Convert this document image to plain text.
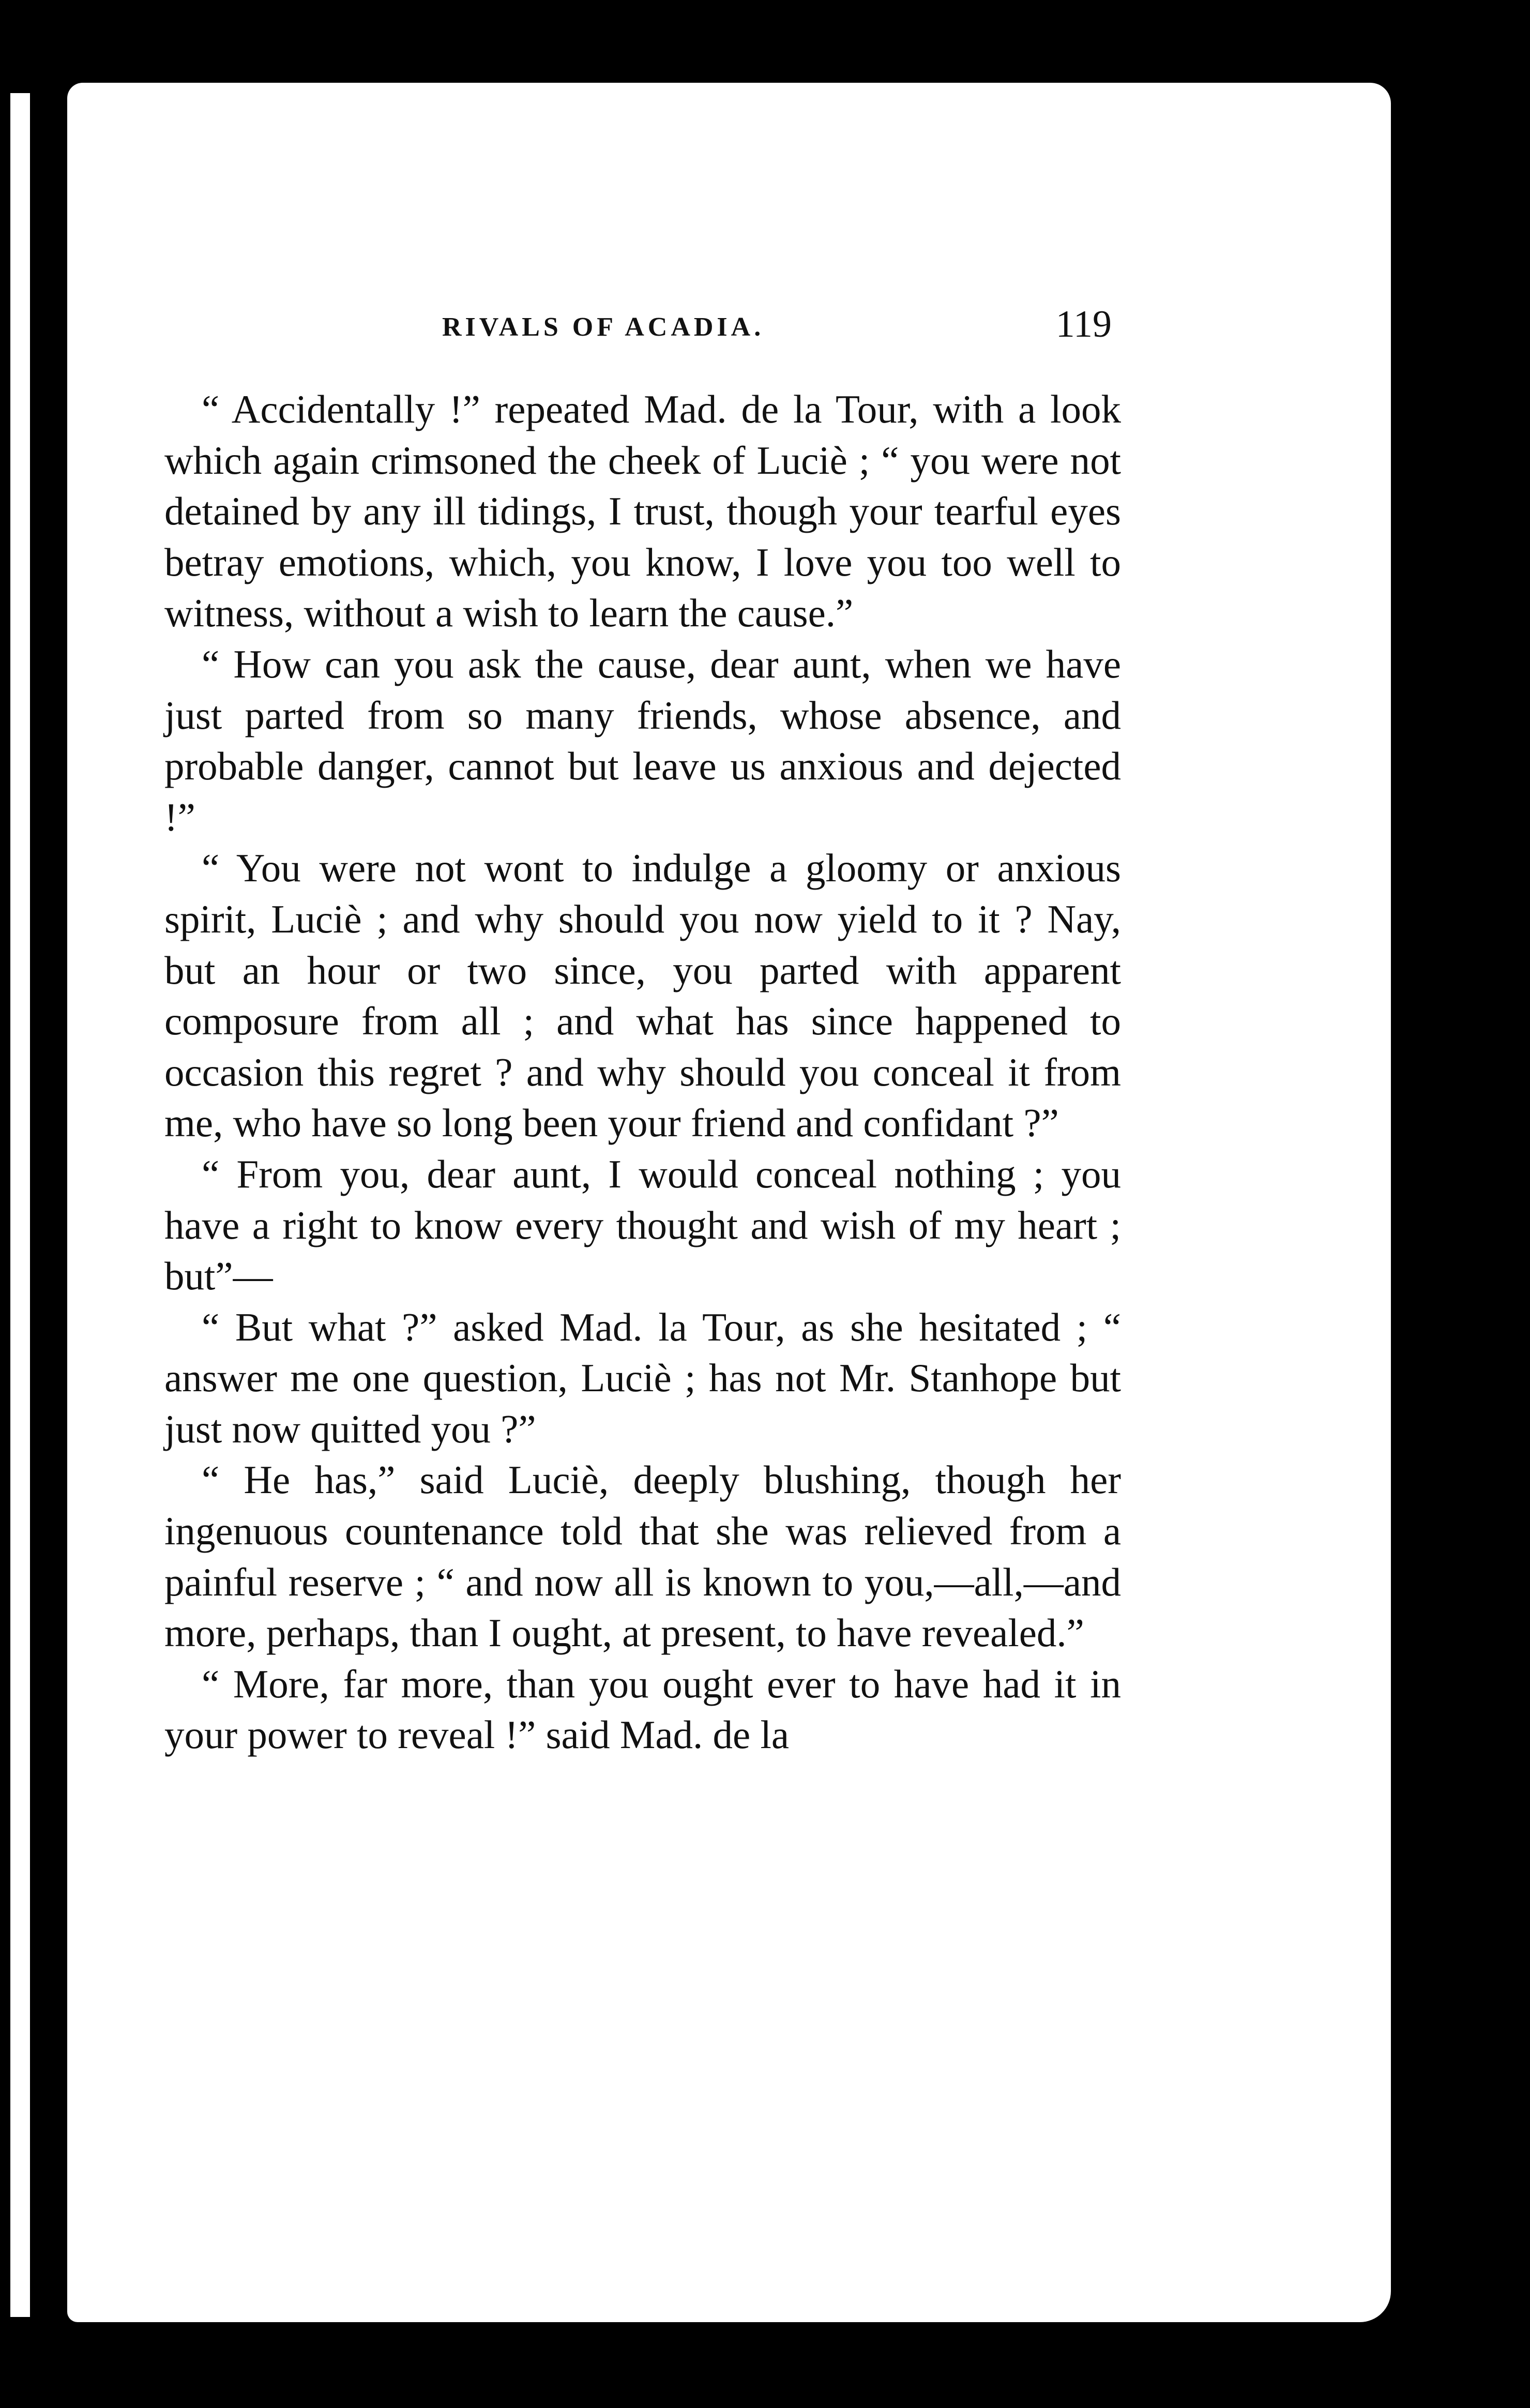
RIVALS OF ACADIA.	119

“ Accidentally !” repeated Mad. de la Tour, with a look which again crimsoned the cheek of Luciè ; “ you were not detained by any ill tidings, I trust, though your tearful eyes betray emotions, which, you know, I love you too well to witness, without a wish to learn the cause.”

“ How can you ask the cause, dear aunt, when we have just parted from so many friends, whose absence, and probable danger, cannot but leave us anxious and dejected !”

“ You were not wont to indulge a gloomy or anxious spirit, Luciè ; and why should you now yield to it ? Nay, but an hour or two since, you parted with apparent composure from all ; and what has since happened to occasion this regret ? and why should you conceal it from me, who have so long been your friend and confidant ?”

“ From you, dear aunt, I would conceal nothing ; you have a right to know every thought and wish of my heart ; but”—

“ But what ?” asked Mad. la Tour, as she hesitated ; “ answer me one question, Luciè ; has not Mr. Stanhope but just now quitted you ?”

“ He has,” said Luciè, deeply blushing, though her ingenuous countenance told that she was relieved from a painful reserve ; “ and now all is known to you,—all,—and more, perhaps, than I ought, at present, to have revealed.”

“ More, far more, than you ought ever to have had it in your power to reveal !” said Mad. de la
